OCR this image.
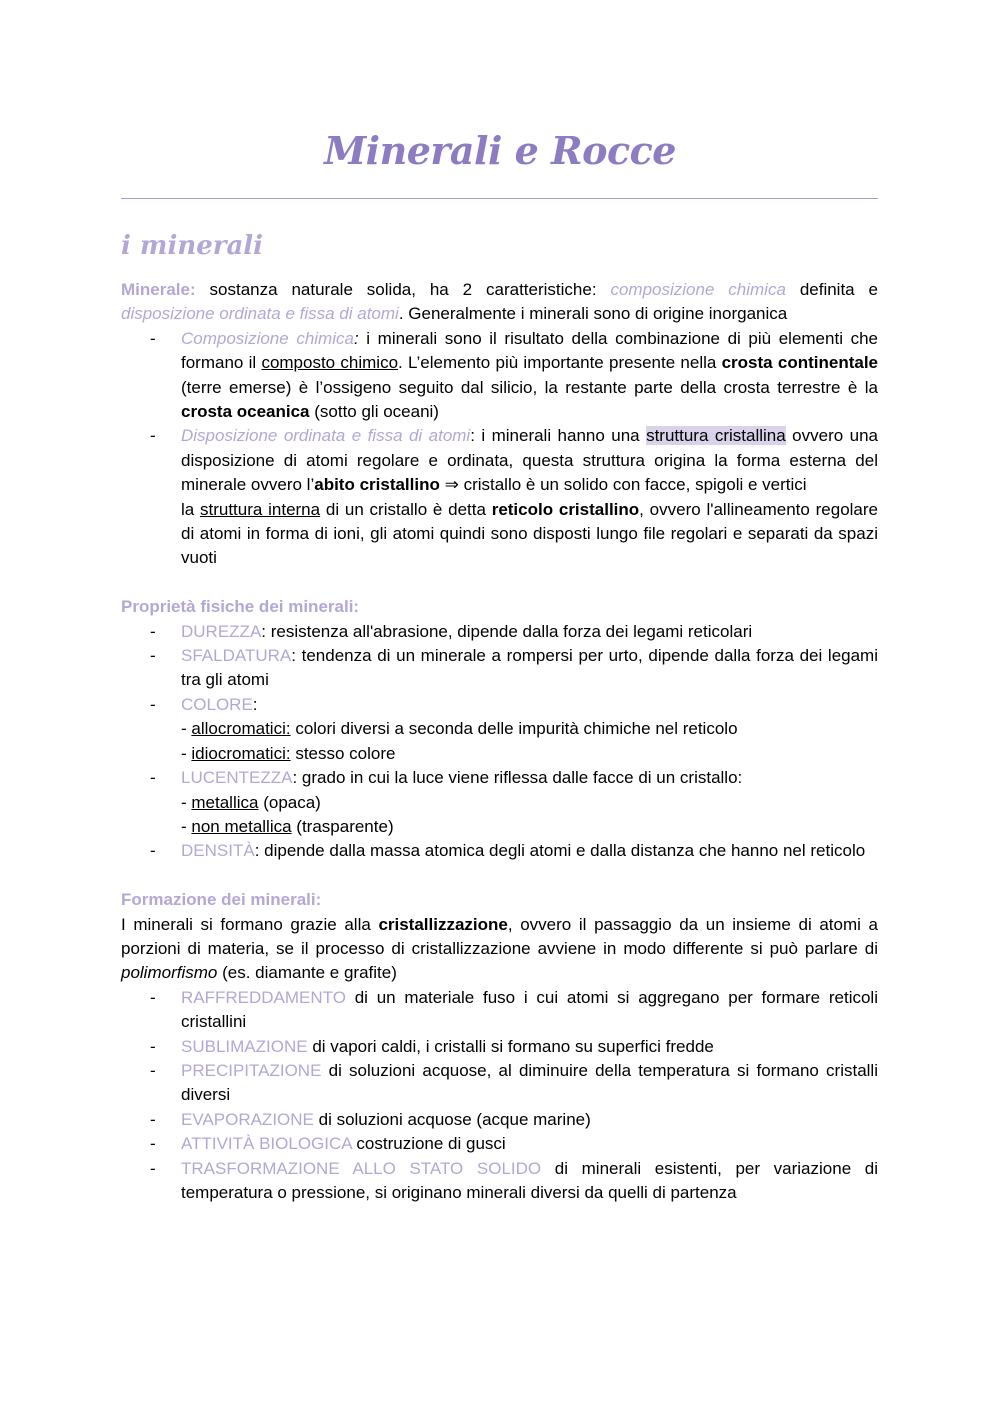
Minerali e Rocce
i minerali

Minerale: sostanza naturale solida, ha 2 caratteristiche: composizione chimica definita e disposizione ordinata e fissa di atomi. Generalmente i minerali sono di origine inorganica

- Composizione chimica: i minerali sono il risultato della combinazione di più elementi che formano il composto chimico. L’elemento più importante presente nella crosta continentale (terre emerse) è l’ossigeno seguito dal silicio, la restante parte della crosta terrestre è la crosta oceanica (sotto gli oceani)
- Disposizione ordinata e fissa di atomi: i minerali hanno una struttura cristallina ovvero una disposizione di atomi regolare e ordinata, questa struttura origina la forma esterna del minerale ovvero l’abito cristallino ⇒ cristallo è un solido con facce, spigoli e vertici
la struttura interna di un cristallo è detta reticolo cristallino, ovvero l'allineamento regolare di atomi in forma di ioni, gli atomi quindi sono disposti lungo file regolari e separati da spazi vuoti

Proprietà fisiche dei minerali:

- DUREZZA: resistenza all'abrasione, dipende dalla forza dei legami reticolari
- SFALDATURA: tendenza di un minerale a rompersi per urto, dipende dalla forza dei legami tra gli atomi
- COLORE:
- allocromatici: colori diversi a seconda delle impurità chimiche nel reticolo
- idiocromatici: stesso colore
- LUCENTEZZA: grado in cui la luce viene riflessa dalle facce di un cristallo:
- metallica (opaca)
- non metallica (trasparente)
- DENSITÀ: dipende dalla massa atomica degli atomi e dalla distanza che hanno nel reticolo

Formazione dei minerali:

I minerali si formano grazie alla cristallizzazione, ovvero il passaggio da un insieme di atomi a porzioni di materia, se il processo di cristallizzazione avviene in modo differente si può parlare di polimorfismo (es. diamante e grafite)

- RAFFREDDAMENTO di un materiale fuso i cui atomi si aggregano per formare reticoli cristallini
- SUBLIMAZIONE di vapori caldi, i cristalli si formano su superfici fredde
- PRECIPITAZIONE di soluzioni acquose, al diminuire della temperatura si formano cristalli diversi
- EVAPORAZIONE di soluzioni acquose (acque marine)
- ATTIVITÀ BIOLOGICA costruzione di gusci
- TRASFORMAZIONE ALLO STATO SOLIDO di minerali esistenti, per variazione di temperatura o pressione, si originano minerali diversi da quelli di partenza
